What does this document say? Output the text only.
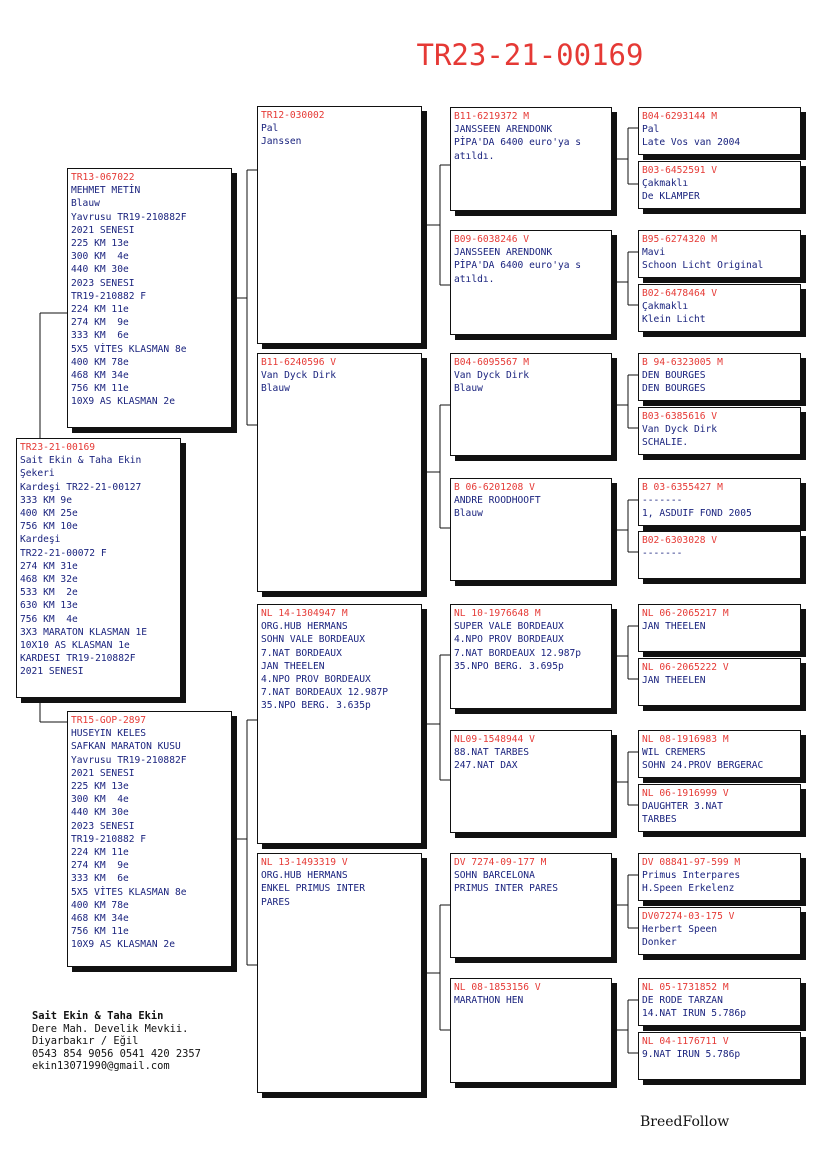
TR23-21-00169
TR23-21-00169
Sait Ekin & Taha Ekin
Şekeri
Kardeşi TR22-21-00127
333 KM 9e
400 KM 25e
756 KM 10e
Kardeşi
TR22-21-00072 F
274 KM 31e
468 KM 32e
533 KM  2e
630 KM 13e
756 KM  4e
3X3 MARATON KLASMAN 1E
10X10 AS KLASMAN 1e
KARDESI TR19-210882F
2021 SENESI
TR13-067022
MEHMET METİN
Blauw
Yavrusu TR19-210882F
2021 SENESI
225 KM 13e
300 KM  4e
440 KM 30e
2023 SENESI
TR19-210882 F
224 KM 11e
274 KM  9e
333 KM  6e
5X5 VİTES KLASMAN 8e
400 KM 78e
468 KM 34e
756 KM 11e
10X9 AS KLASMAN 2e
TR15-GOP-2897
HUSEYIN KELES
SAFKAN MARATON KUSU
Yavrusu TR19-210882F
2021 SENESI
225 KM 13e
300 KM  4e
440 KM 30e
2023 SENESI
TR19-210882 F
224 KM 11e
274 KM  9e
333 KM  6e
5X5 VİTES KLASMAN 8e
400 KM 78e
468 KM 34e
756 KM 11e
10X9 AS KLASMAN 2e
TR12-030002
Pal
Janssen
B11-6240596 V
Van Dyck Dirk
Blauw
NL 14-1304947 M
ORG.HUB HERMANS
SOHN VALE BORDEAUX
7.NAT BORDEAUX
JAN THEELEN
4.NPO PROV BORDEAUX
7.NAT BORDEAUX 12.987P
35.NPO BERG. 3.635p
NL 13-1493319 V
ORG.HUB HERMANS
ENKEL PRIMUS INTER
PARES
B11-6219372 M
JANSSEEN ARENDONK
PİPA'DA 6400 euro'ya s
atıldı.
B09-6038246 V
JANSSEEN ARENDONK
PİPA'DA 6400 euro'ya s
atıldı.
B04-6095567 M
Van Dyck Dirk
Blauw
B 06-6201208 V
ANDRE ROODHOOFT
Blauw
NL 10-1976648 M
SUPER VALE BORDEAUX
4.NPO PROV BORDEAUX
7.NAT BORDEAUX 12.987p
35.NPO BERG. 3.695p
NL09-1548944 V
88.NAT TARBES
247.NAT DAX
DV 7274-09-177 M
SOHN BARCELONA
PRIMUS INTER PARES
NL 08-1853156 V
MARATHON HEN
B04-6293144 M
Pal
Late Vos van 2004
B03-6452591 V
Çakmaklı
De KLAMPER
B95-6274320 M
Mavi
Schoon Licht Original
B02-6478464 V
Çakmaklı
Klein Licht
B 94-6323005 M
DEN BOURGES
DEN BOURGES
B03-6385616 V
Van Dyck Dirk
SCHALIE.
B 03-6355427 M
-------
1, ASDUIF FOND 2005
B02-6303028 V
-------
NL 06-2065217 M
JAN THEELEN
NL 06-2065222 V
JAN THEELEN
NL 08-1916983 M
WIL CREMERS
SOHN 24.PROV BERGERAC
NL 06-1916999 V
DAUGHTER 3.NAT
TARBES
DV 08841-97-599 M
Primus Interpares
H.Speen Erkelenz
DV07274-03-175 V
Herbert Speen
Donker
NL 05-1731852 M
DE RODE TARZAN
14.NAT IRUN 5.786p
NL 04-1176711 V
9.NAT IRUN 5.786p
Sait Ekin & Taha Ekin
Dere Mah. Develik Mevkii.
Diyarbakır / Eğil
0543 854 9056 0541 420 2357
ekin13071990@gmail.com
BreedFollow
